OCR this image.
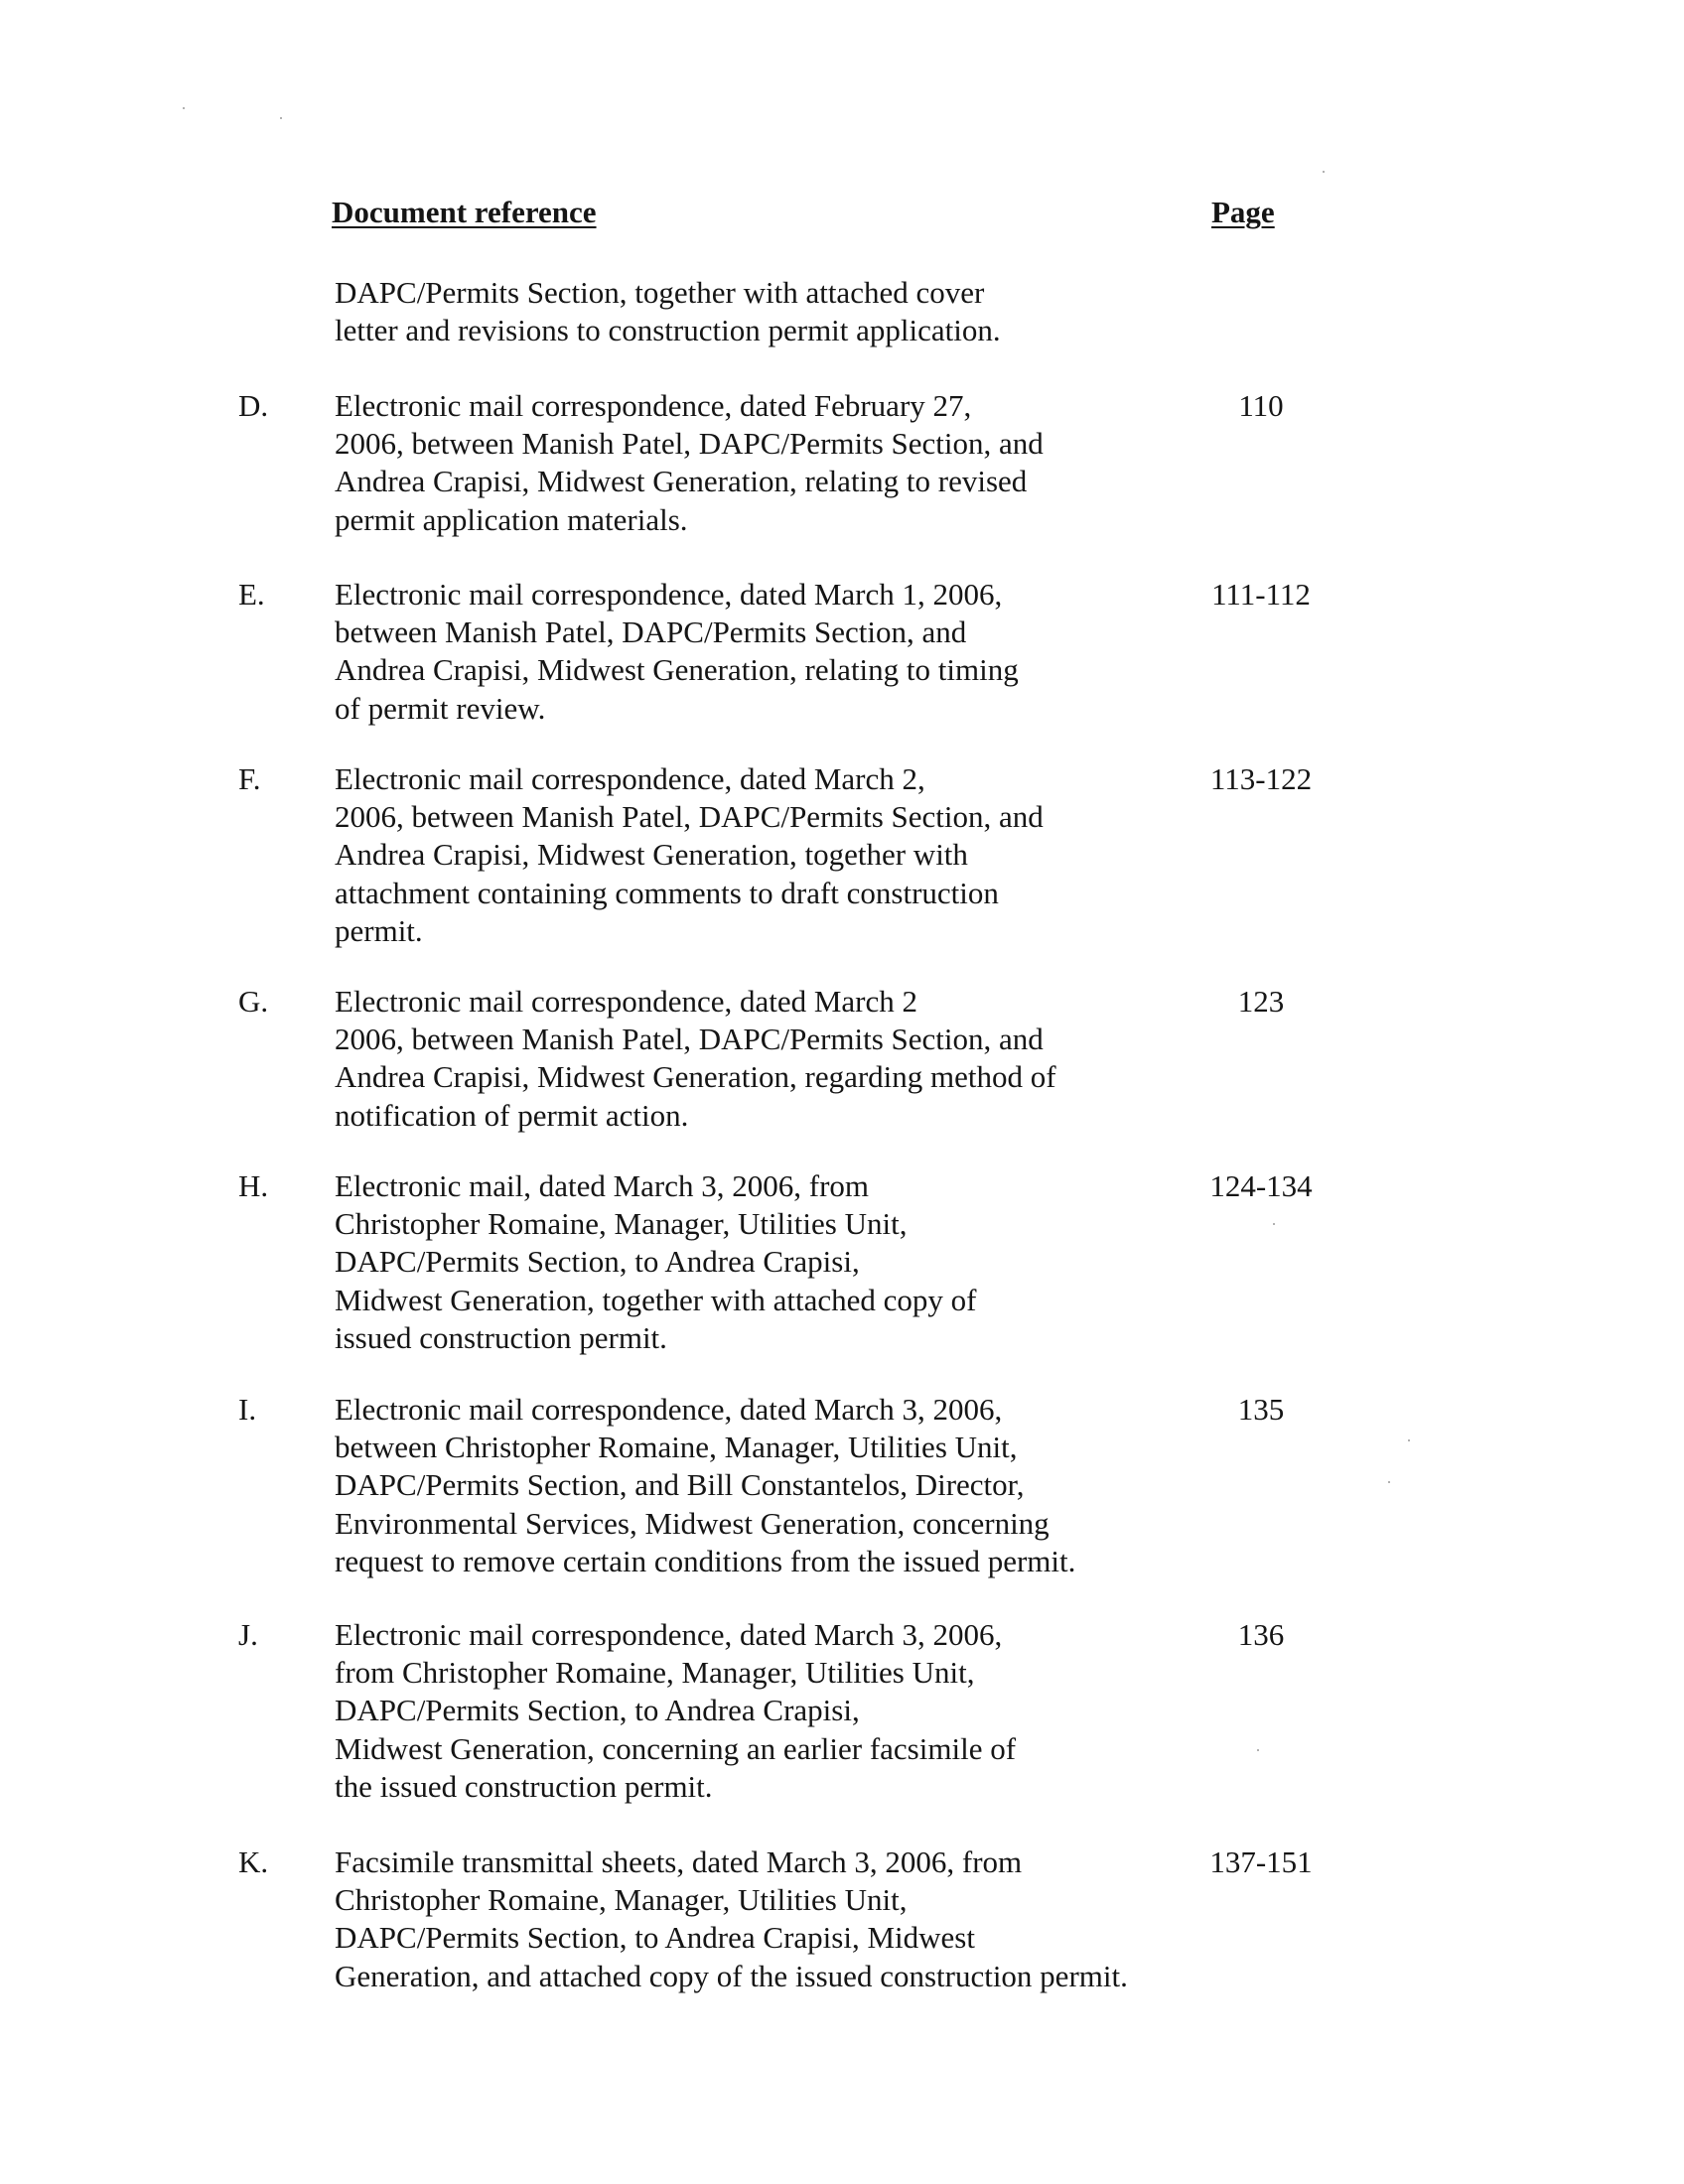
Document reference	Page
DAPC/Permits Section, together with attached cover
letter and revisions to construction permit application.
D. Electronic mail correspondence, dated February 27,
2006, between Manish Patel, DAPC/Permits Section, and
Andrea Crapisi, Midwest Generation, relating to revised
permit application materials.
110
E. Electronic mail correspondence, dated March 1, 2006,
between Manish Patel, DAPC/Permits Section, and
Andrea Crapisi, Midwest Generation, relating to timing
of permit review.
111-112
F. Electronic mail correspondence, dated March 2,
2006, between Manish Patel, DAPC/Permits Section, and
Andrea Crapisi, Midwest Generation, together with
attachment containing comments to draft construction
permit.
113-122
G. Electronic mail correspondence, dated March 2
2006, between Manish Patel, DAPC/Permits Section, and
Andrea Crapisi, Midwest Generation, regarding method of
notification of permit action.
123
H. Electronic mail, dated March 3, 2006, from
Christopher Romaine, Manager, Utilities Unit,
DAPC/Permits Section, to Andrea Crapisi,
Midwest Generation, together with attached copy of
issued construction permit.
124-134
I.	Electronic mail correspondence, dated March 3, 2006,
between Christopher Romaine, Manager, Utilities Unit,
DAPC/Permits Section, and Bill Constantelos, Director,
Environmental Services, Midwest Generation, concerning
request to remove certain conditions from the issued permit.
135
J. Electronic mail correspondence, dated March 3, 2006,
from Christopher Romaine, Manager, Utilities Unit,
DAPC/Permits Section, to Andrea Crapisi,
Midwest Generation, concerning an earlier facsimile of
the issued construction permit.
136
K. Facsimile transmittal sheets, dated March 3, 2006, from
Christopher Romaine, Manager, Utilities Unit,
DAPC/Permits Section, to Andrea Crapisi, Midwest
Generation, and attached copy of the issued construction permit.
137-151
